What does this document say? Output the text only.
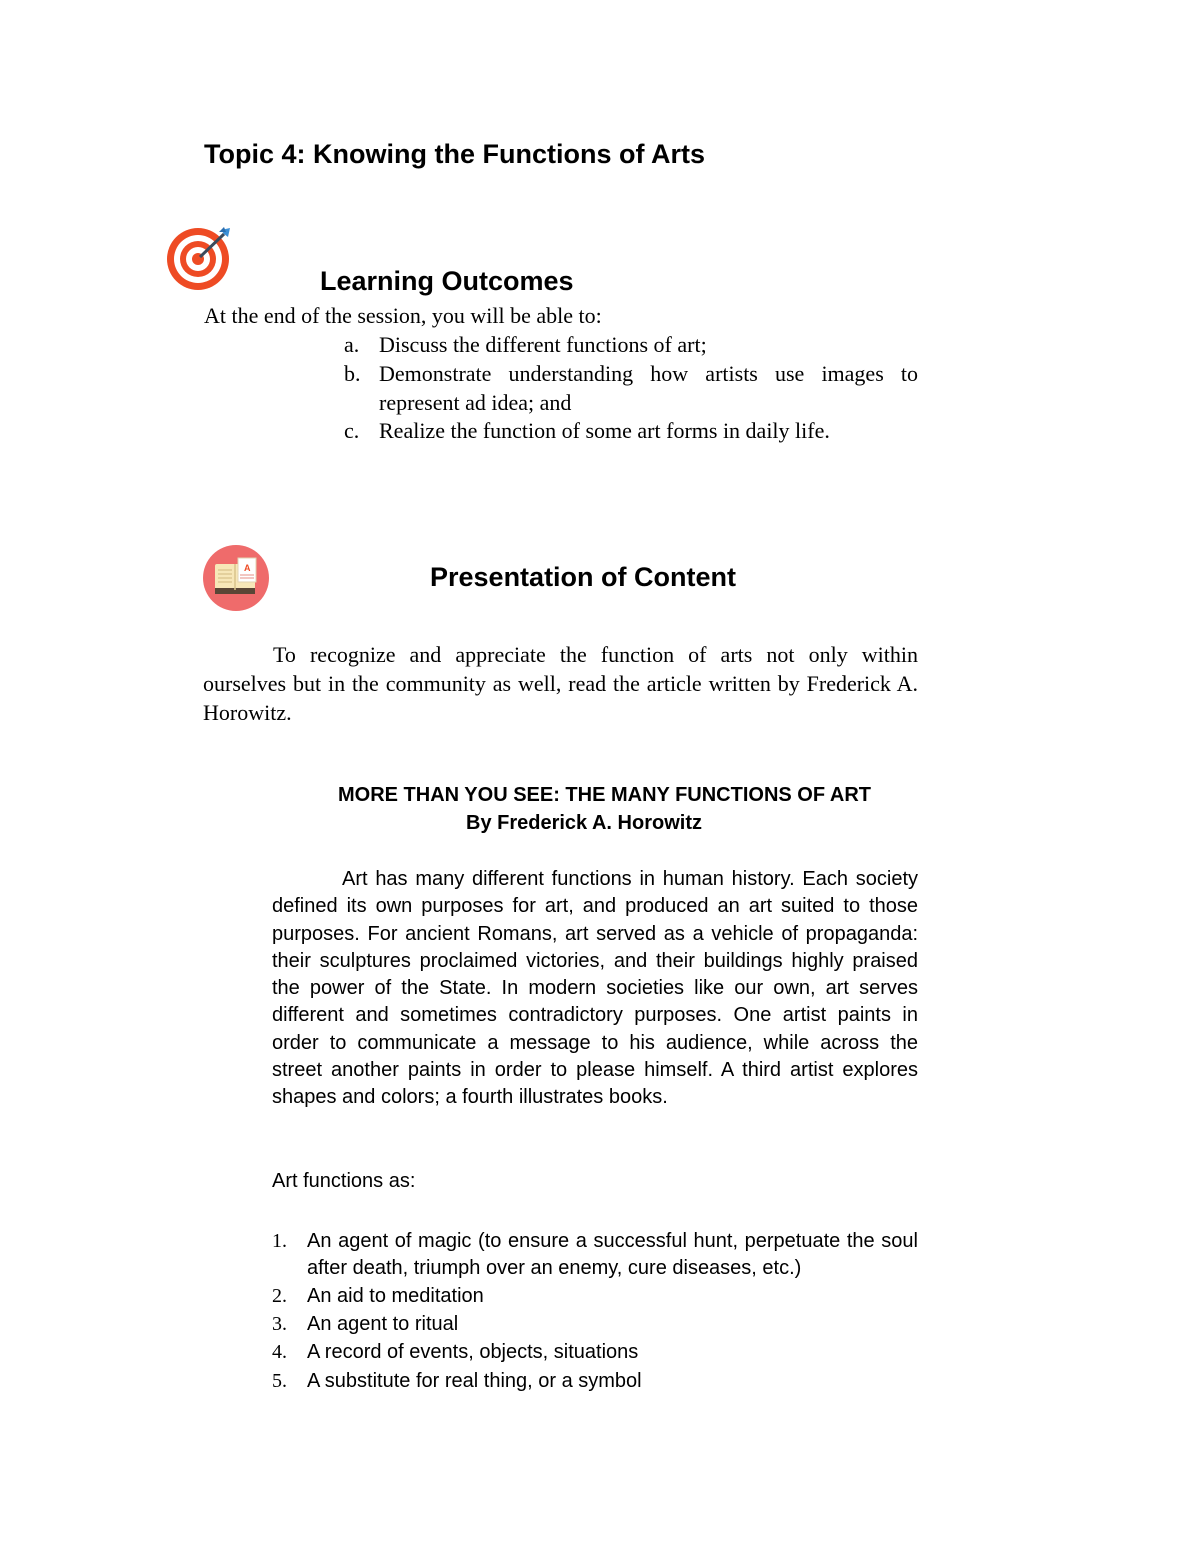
Topic 4: Knowing the Functions of Arts
Learning Outcomes
At the end of the session, you will be able to:
a. Discuss the different functions of art;
b. Demonstrate understanding how artists use images to represent ad idea; and
c. Realize the function of some art forms in daily life.
A	Presentation of Content
To recognize and appreciate the function of arts not only within ourselves but in the community as well, read the article written by Frederick A. Horowitz.
MORE THAN YOU SEE: THE MANY FUNCTIONS OF ART
By Frederick A. Horowitz
Art has many different functions in human history. Each society defined its own purposes for art, and produced an art suited to those purposes. For ancient Romans, art served as a vehicle of propaganda: their sculptures proclaimed victories, and their buildings highly praised the power of the State. In modern societies like our own, art serves different and sometimes contradictory purposes. One artist paints in order to communicate a message to his audience, while across the street another paints in order to please himself. A third artist explores shapes and colors; a fourth illustrates books.
Art functions as:
1. An agent of magic (to ensure a successful hunt, perpetuate the soul after death, triumph over an enemy, cure diseases, etc.)
2. An aid to meditation
3. An agent to ritual
4. A record of events, objects, situations
5. A substitute for real thing, or a symbol
